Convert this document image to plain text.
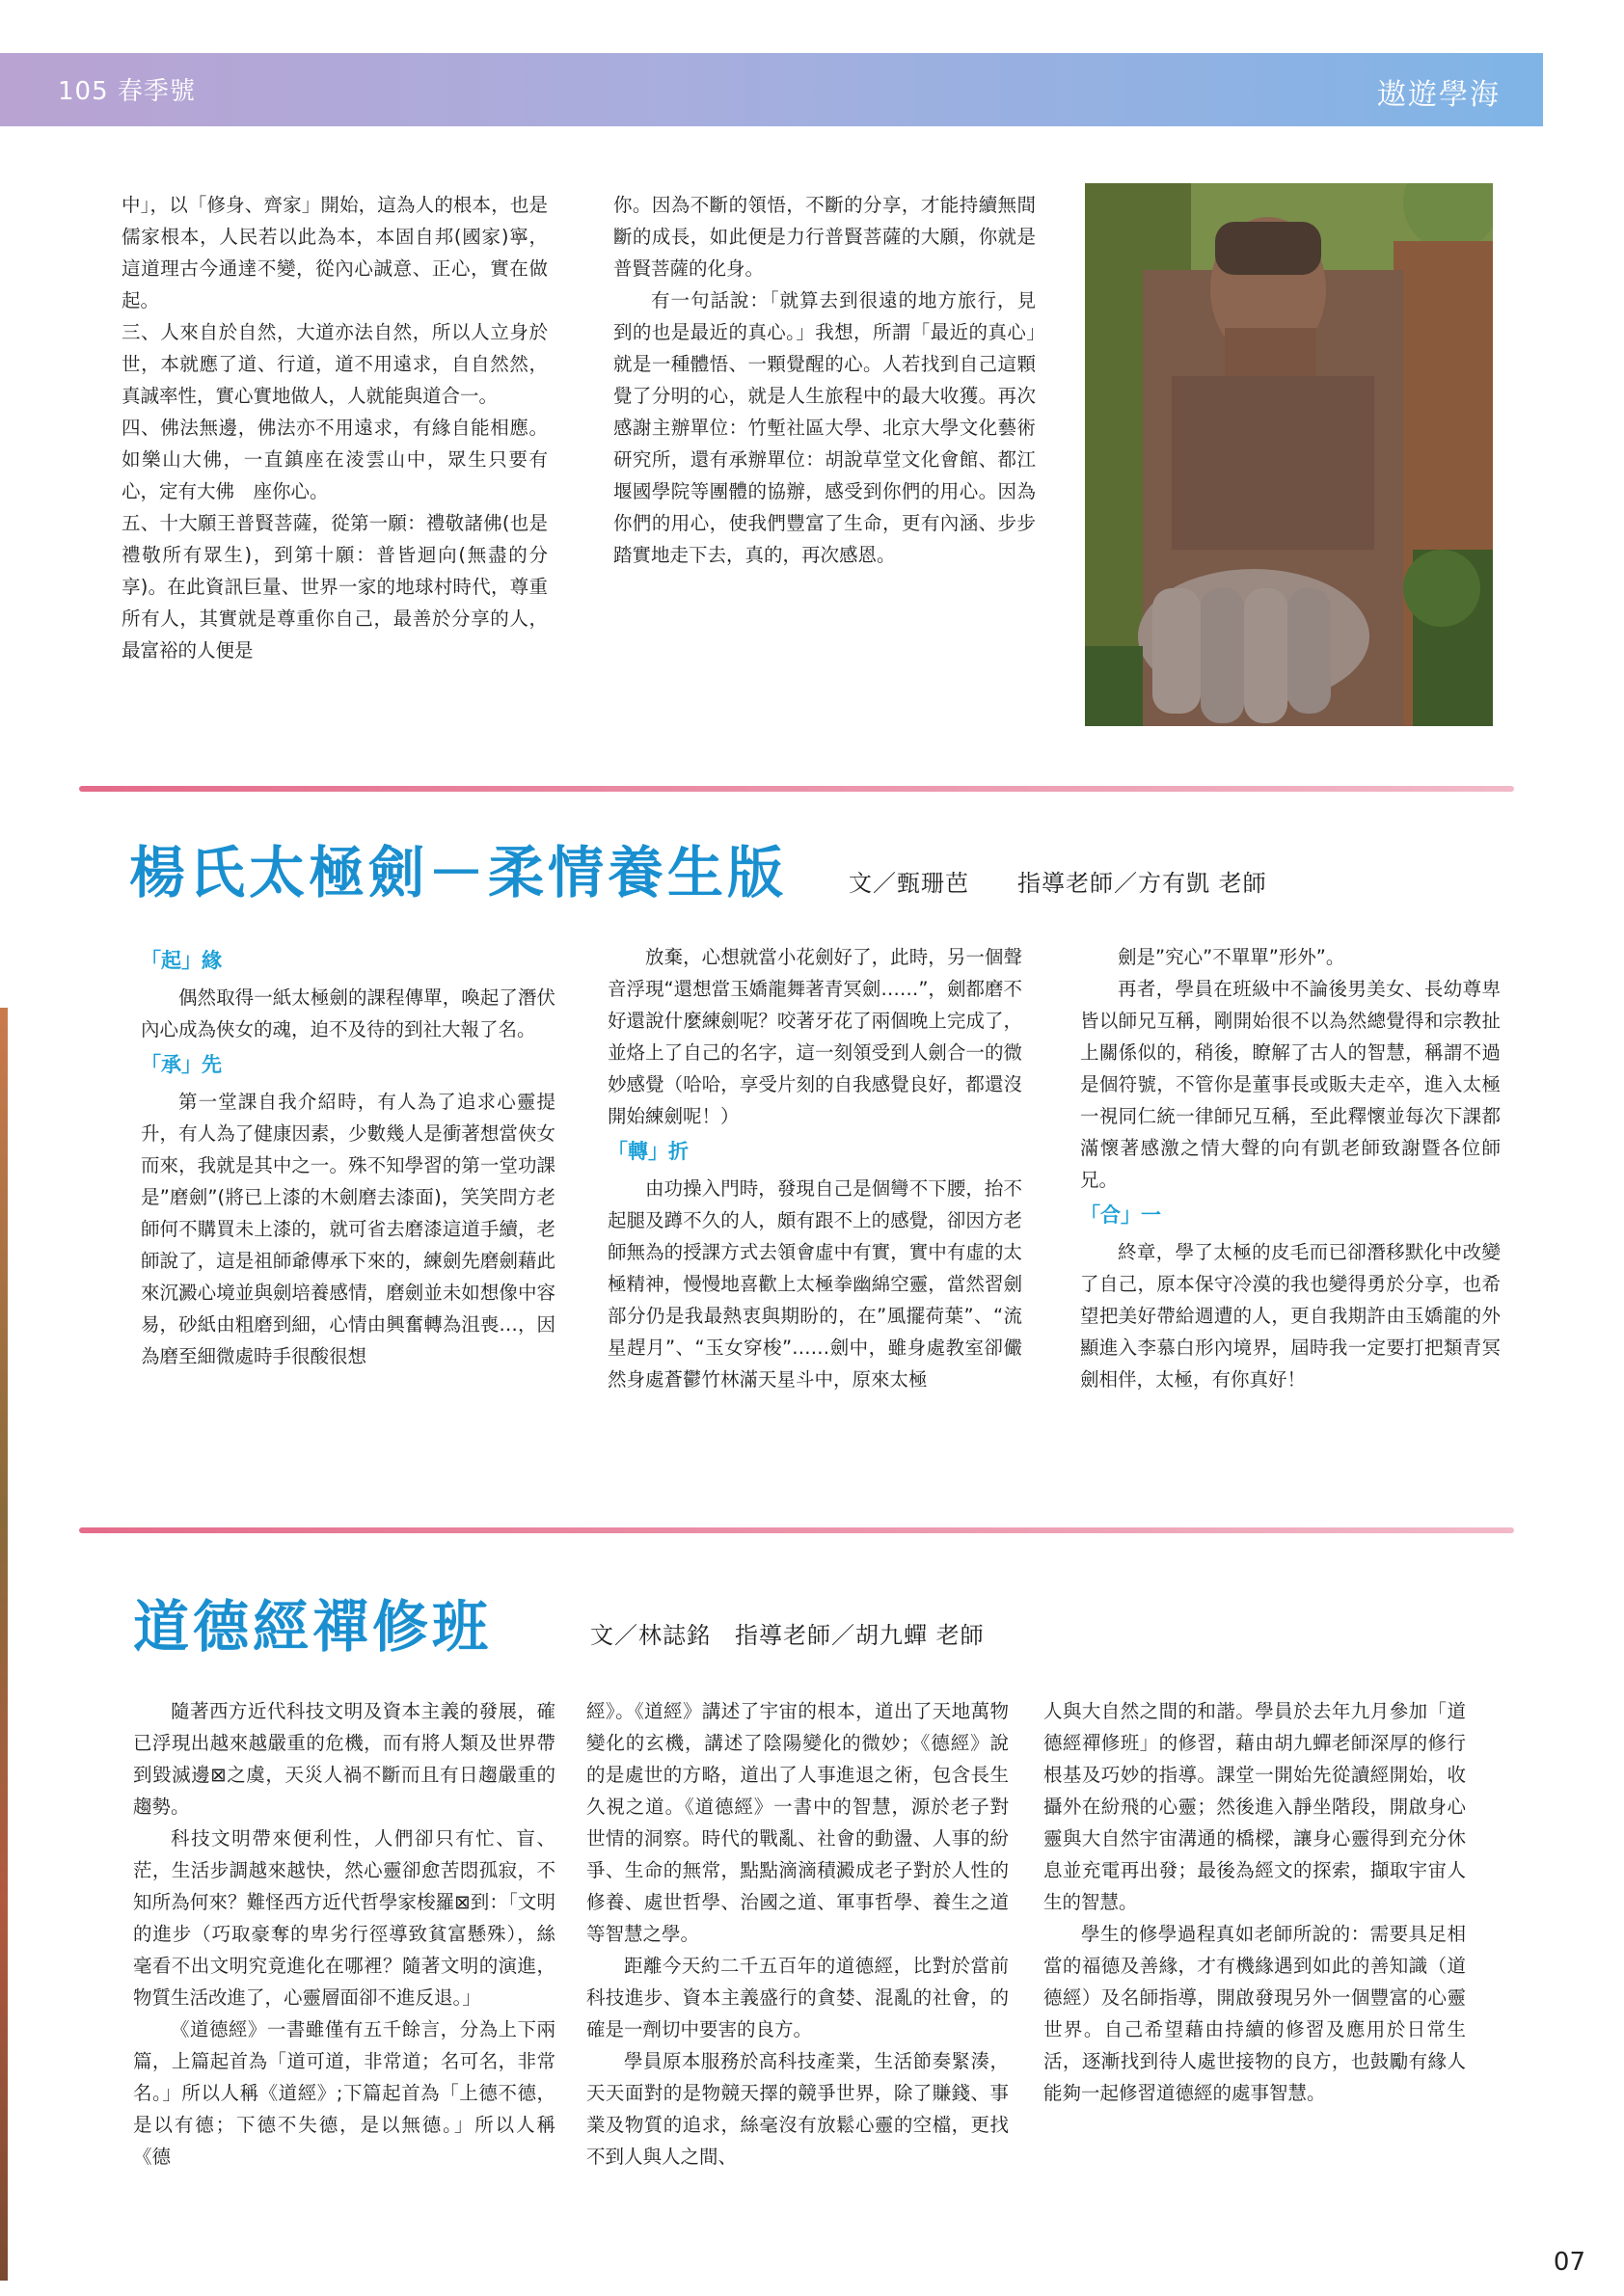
105 春季號	遨遊學海

中」，以「修身、齊家」開始，這為人的根本，也是儒家根本，人民若以此為本，本固自邦(國家)寧，這道理古今通達不變，從內心誠意、正心，實在做起。

三、人來自於自然，大道亦法自然，所以人立身於世，本就應了道、行道，道不用遠求，自自然然，真誠率性，實心實地做人，人就能與道合一。

四、佛法無邊，佛法亦不用遠求，有緣自能相應。如樂山大佛，一直鎮座在淩雲山中，眾生只要有心，定有大佛　座你心。

五、十大願王普賢菩薩，從第一願：禮敬諸佛(也是禮敬所有眾生)，到第十願：普皆迴向(無盡的分享)。在此資訊巨量、世界一家的地球村時代，尊重所有人，其實就是尊重你自己，最善於分享的人，最富裕的人便是

你。因為不斷的領悟，不斷的分享，才能持續無間斷的成長，如此便是力行普賢菩薩的大願，你就是普賢菩薩的化身。

有一句話說：「就算去到很遠的地方旅行，見到的也是最近的真心。」我想，所謂「最近的真心」就是一種體悟、一顆覺醒的心。人若找到自己這顆覺了分明的心，就是人生旅程中的最大收獲。再次感謝主辦單位：竹塹社區大學、北京大學文化藝術研究所，還有承辦單位：胡說草堂文化會館、都江堰國學院等團體的協辦，感受到你們的用心。因為你們的用心，使我們豐富了生命，更有內涵、步步踏實地走下去，真的，再次感恩。

楊氏太極劍－柔情養生版	文／甄珊芭　　指導老師／方有凱 老師
「起」緣

偶然取得一紙太極劍的課程傳單，喚起了潛伏內心成為俠女的魂，迫不及待的到社大報了名。

「承」先

第一堂課自我介紹時，有人為了追求心靈提升，有人為了健康因素，少數幾人是衝著想當俠女而來，我就是其中之一。殊不知學習的第一堂功課是”磨劍”(將已上漆的木劍磨去漆面)，笑笑問方老師何不購買未上漆的，就可省去磨漆這道手續，老師說了，這是祖師爺傳承下來的，練劍先磨劍藉此來沉澱心境並與劍培養感情，磨劍並未如想像中容易，砂紙由粗磨到細，心情由興奮轉為沮喪…，因為磨至細微處時手很酸很想

放棄，心想就當小花劍好了，此時，另一個聲音浮現“還想當玉嬌龍舞著青冥劍……”，劍都磨不好還說什麼練劍呢？咬著牙花了兩個晚上完成了， 並烙上了自己的名字，這一刻領受到人劍合一的微妙感覺（哈哈，享受片刻的自我感覺良好，都還沒開始練劍呢！）

「轉」折

由功操入門時，發現自己是個彎不下腰，抬不起腿及蹲不久的人，頗有跟不上的感覺，卻因方老師無為的授課方式去領會虛中有實，實中有虛的太極精神，慢慢地喜歡上太極拳幽綿空靈，當然習劍部分仍是我最熱衷與期盼的，在”風擺荷葉”、“流星趕月”、“玉女穿梭”……劍中，雖身處教室卻儼然身處蒼鬱竹林滿天星斗中，原來太極

劍是”究心”不單單”形外”。

再者，學員在班級中不論後男美女、長幼尊卑皆以師兄互稱，剛開始很不以為然總覺得和宗教扯上關係似的，稍後，瞭解了古人的智慧，稱謂不過是個符號，不管你是董事長或販夫走卒，進入太極一視同仁統一律師兄互稱，至此釋懷並每次下課都滿懷著感激之情大聲的向有凱老師致謝暨各位師兄。

「合」一

終章，學了太極的皮毛而已卻潛移默化中改變了自己，原本保守冷漠的我也變得勇於分享，也希望把美好帶給週遭的人，更自我期許由玉嬌龍的外顯進入李慕白形內境界，屆時我一定要打把類青冥劍相伴，太極，有你真好！

道德經禪修班	文／林誌銘　指導老師／胡九蟬 老師

隨著西方近代科技文明及資本主義的發展，確已浮現出越來越嚴重的危機，而有將人類及世界帶到毀滅邊⊠之虞，天災人禍不斷而且有日趨嚴重的趨勢。

科技文明帶來便利性，人們卻只有忙、盲、茫，生活步調越來越快，然心靈卻愈苦悶孤寂，不知所為何來？難怪西方近代哲學家梭羅⊠到：「文明的進步（巧取豪奪的卑劣行徑導致貧富懸殊），絲毫看不出文明究竟進化在哪裡？隨著文明的演進，物質生活改進了，心靈層面卻不進反退。」

《道德經》一書雖僅有五千餘言，分為上下兩篇，上篇起首為「道可道，非常道；名可名，非常名。」所以人稱《道經》;下篇起首為「上德不德，是以有德；下德不失德，是以無德。」所以人稱《德

經》。《道經》講述了宇宙的根本，道出了天地萬物變化的玄機，講述了陰陽變化的微妙；《德經》說的是處世的方略，道出了人事進退之術，包含長生久視之道。《道德經》一書中的智慧，源於老子對世情的洞察。時代的戰亂、社會的動盪、人事的紛爭、生命的無常，點點滴滴積澱成老子對於人性的修養、處世哲學、治國之道、軍事哲學、養生之道等智慧之學。

距離今天約二千五百年的道德經，比對於當前科技進步、資本主義盛行的貪婪、混亂的社會，的確是一劑切中要害的良方。

學員原本服務於高科技產業，生活節奏緊湊，天天面對的是物競天擇的競爭世界，除了賺錢、事業及物質的追求，絲毫沒有放鬆心靈的空檔，更找不到人與人之間、

人與大自然之間的和諧。學員於去年九月參加「道德經禪修班」的修習，藉由胡九蟬老師深厚的修行根基及巧妙的指導。課堂一開始先從讀經開始，收攝外在紛飛的心靈；然後進入靜坐階段，開啟身心靈與大自然宇宙溝通的橋樑，讓身心靈得到充分休息並充電再出發；最後為經文的探索，擷取宇宙人生的智慧。

學生的修學過程真如老師所說的：需要具足相當的福德及善緣，才有機緣遇到如此的善知識（道德經）及名師指導，開啟發現另外一個豐富的心靈世界。自己希望藉由持續的修習及應用於日常生活，逐漸找到待人處世接物的良方，也鼓勵有緣人能夠一起修習道德經的處事智慧。

07
